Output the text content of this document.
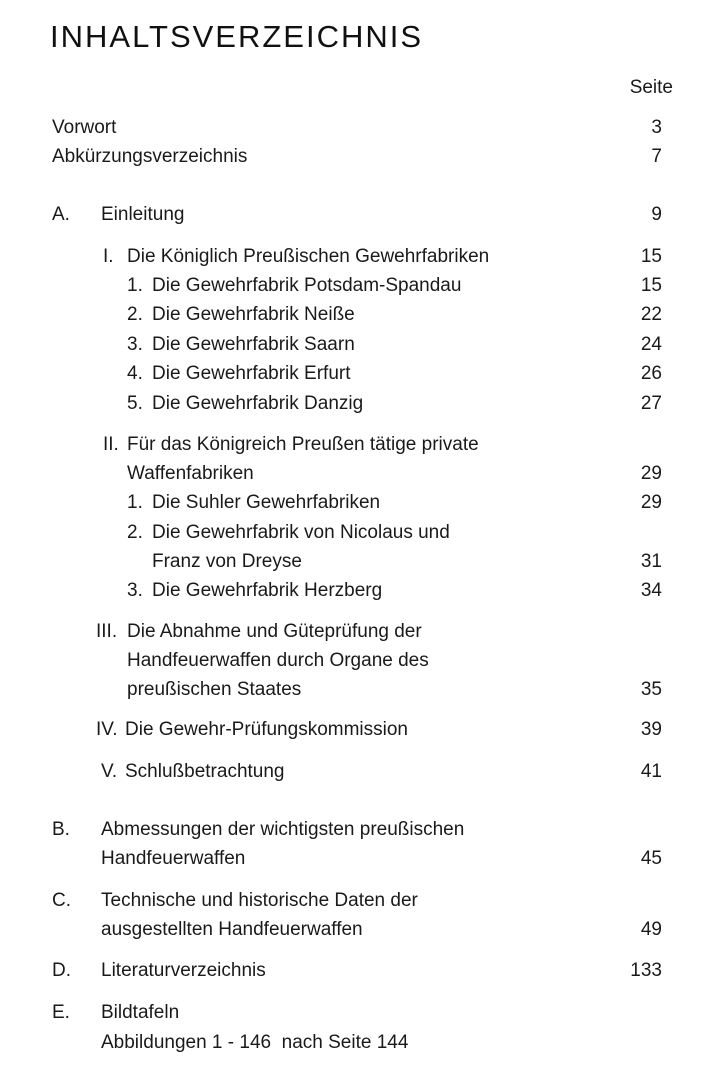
INHALTSVERZEICHNIS
Seite
Vorwort	3
Abkürzungsverzeichnis	7
A. Einleitung	9
I. Die Königlich Preußischen Gewehrfabriken	15
1. Die Gewehrfabrik Potsdam-Spandau	15
2. Die Gewehrfabrik Neiße	22
3. Die Gewehrfabrik Saarn	24
4. Die Gewehrfabrik Erfurt	26
5. Die Gewehrfabrik Danzig	27
II. Für das Königreich Preußen tätige private
Waffenfabriken	29
1. Die Suhler Gewehrfabriken	29
2. Die Gewehrfabrik von Nicolaus und
Franz von Dreyse	31
3. Die Gewehrfabrik Herzberg	34
III. Die Abnahme und Güteprüfung der
Handfeuerwaffen durch Organe des
preußischen Staates	35
IV. Die Gewehr-Prüfungskommission	39
V. Schlußbetrachtung	41
B. Abmessungen der wichtigsten preußischen
Handfeuerwaffen	45
C. Technische und historische Daten der
ausgestellten Handfeuerwaffen	49
D. Literaturverzeichnis	133
E. Bildtafeln
Abbildungen 1 - 146  nach Seite 144
